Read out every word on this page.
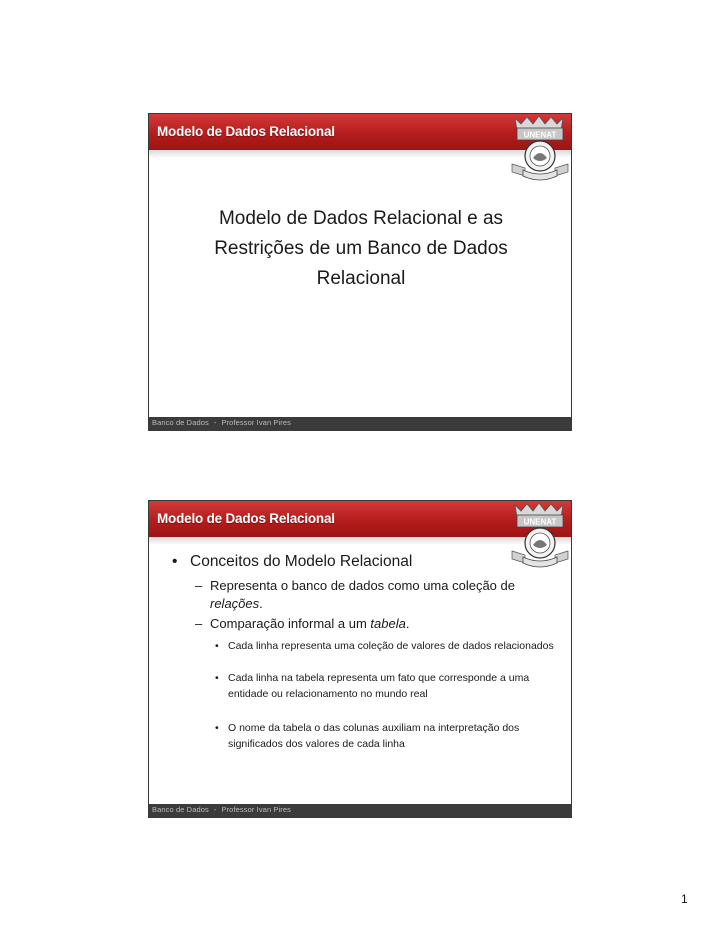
Modelo de Dados Relacional	UNENAT
Modelo de Dados Relacional e as
Restrições de um Banco de Dados
Relacional
Banco de Dados - Professor Ivan Pires
Modelo de Dados Relacional	UNENAT
• Conceitos do Modelo Relacional
– Representa o banco de dados como uma coleção de relações.
– Comparação informal a um tabela.
• Cada linha representa uma coleção de valores de dados relacionados
• Cada linha na tabela representa um fato que corresponde a uma entidade ou relacionamento no mundo real
• O nome da tabela o das colunas auxiliam na interpretação dos significados dos valores de cada linha
Banco de Dados - Professor Ivan Pires
1
